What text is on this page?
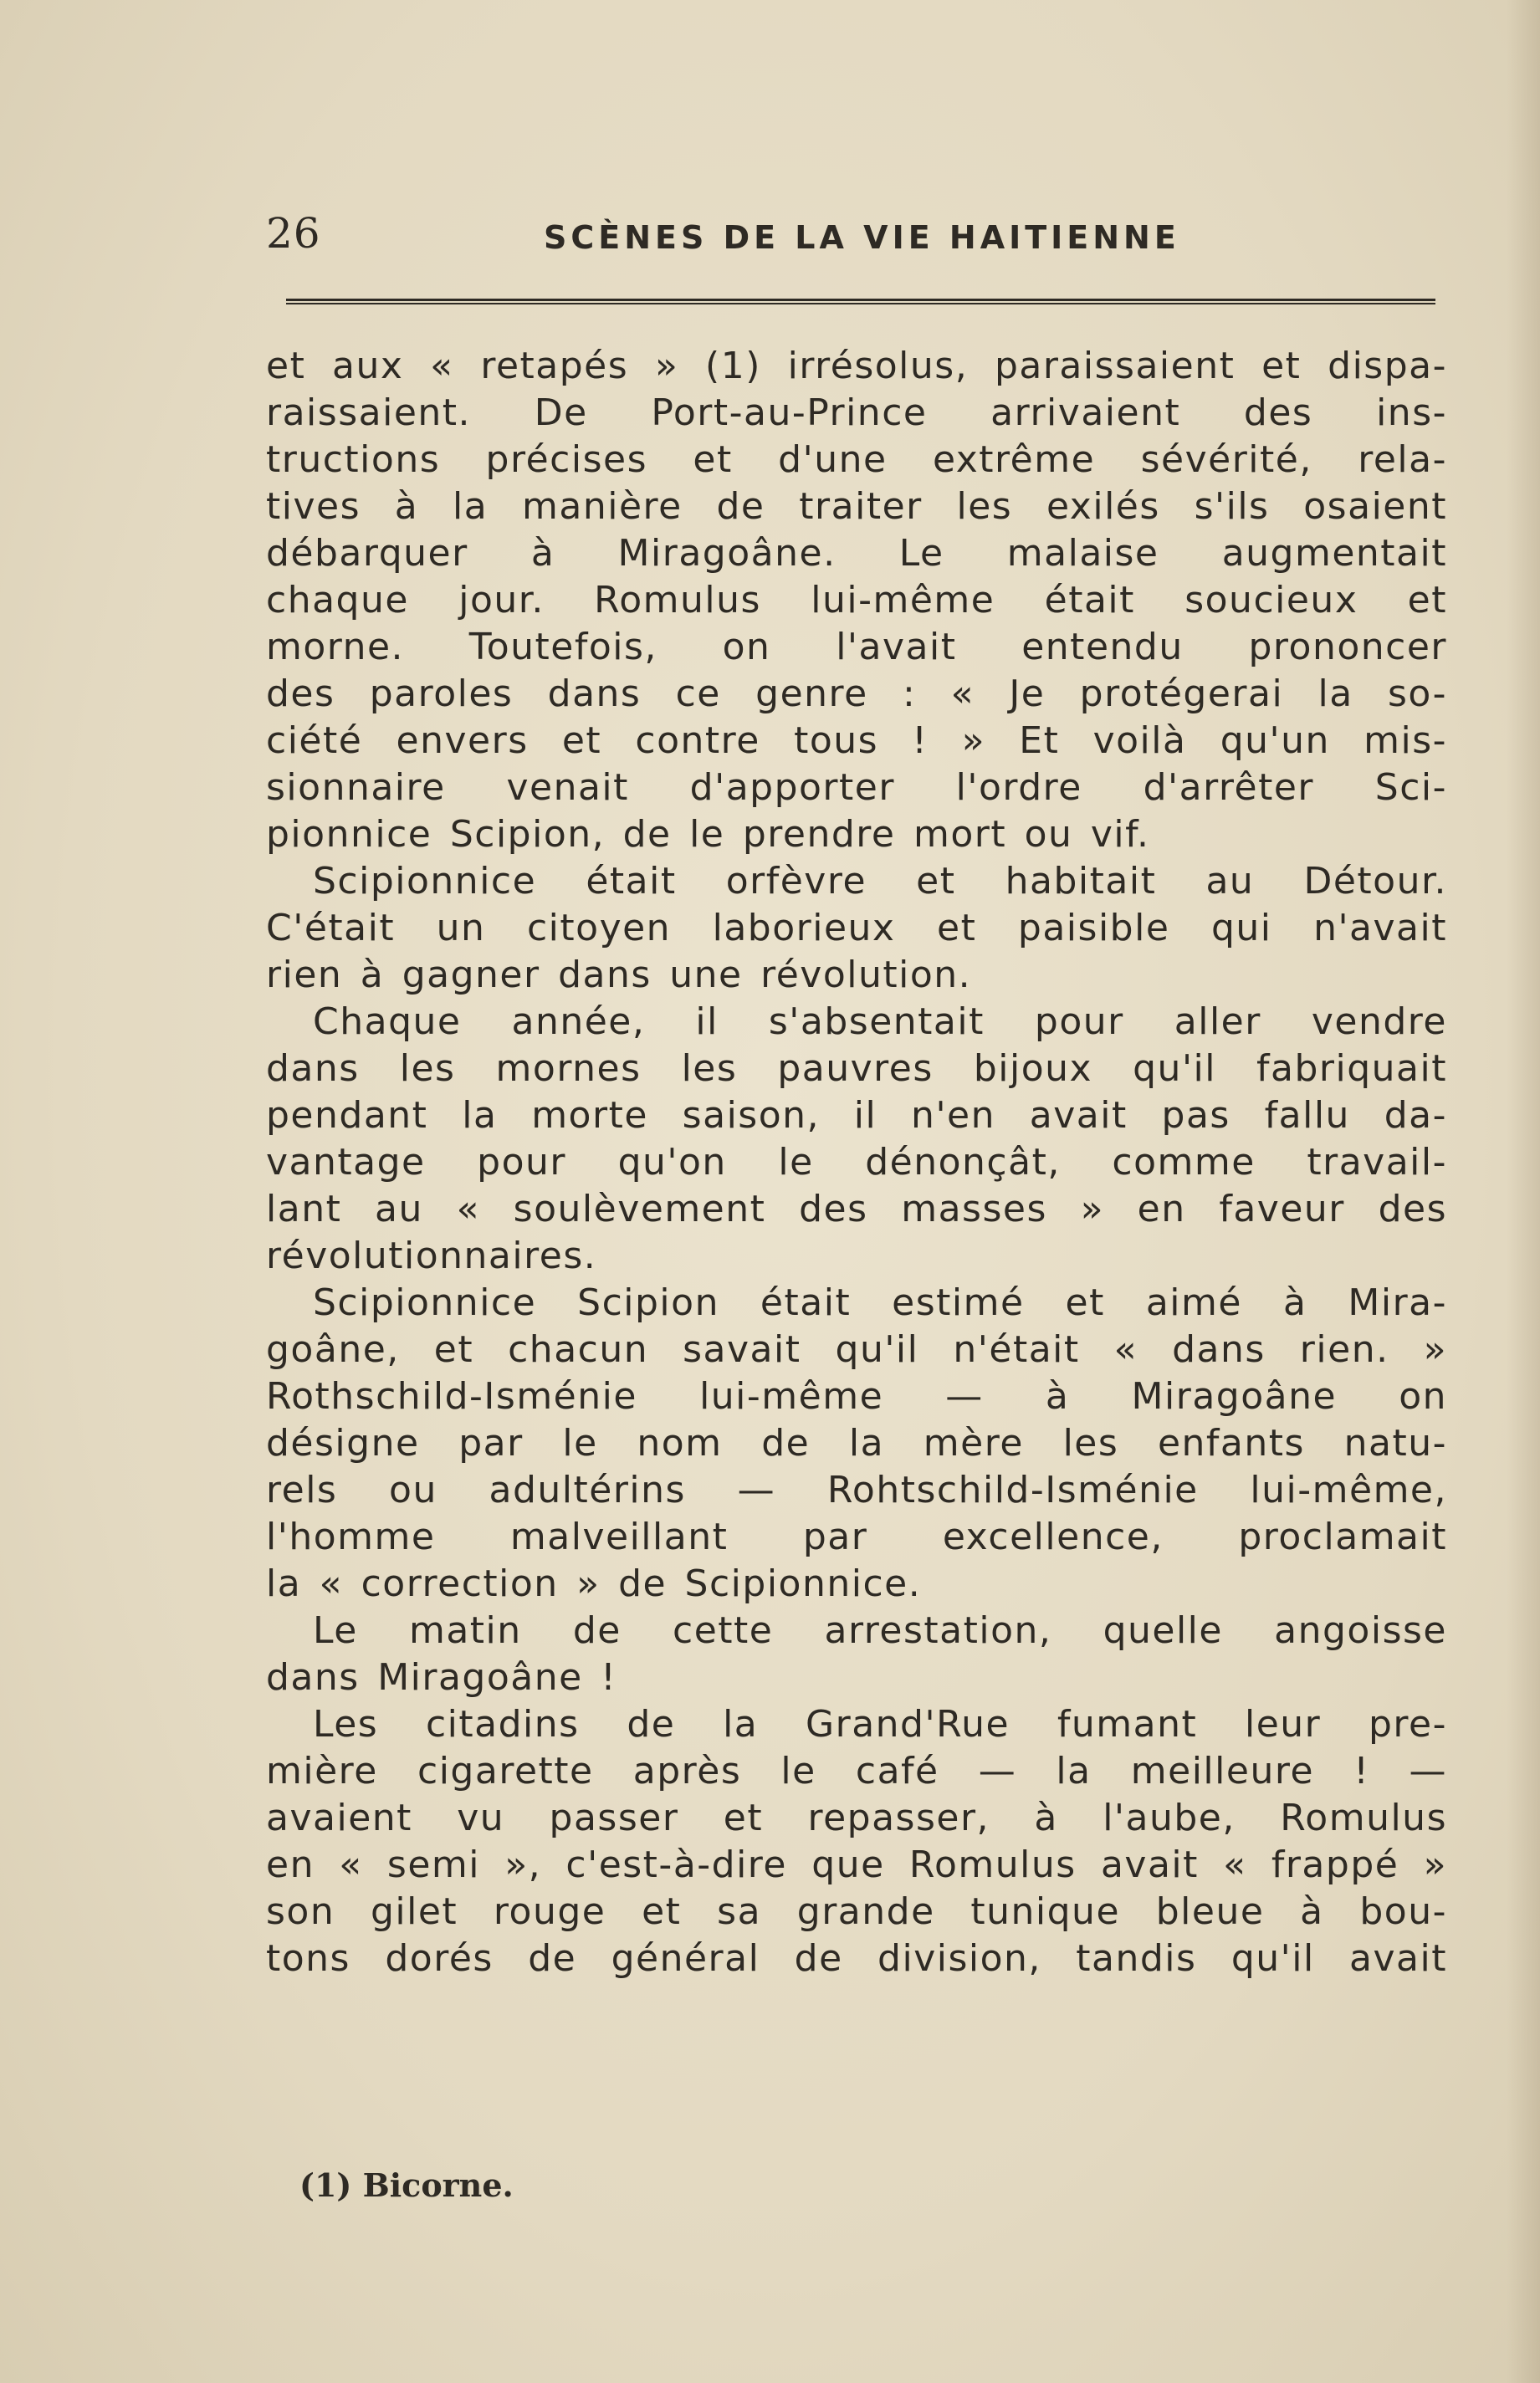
26	SCÈNES DE LA VIE HAITIENNE

et aux « retapés » (1) irrésolus, paraissaient et dispa-

raissaient. De Port-au-Prince arrivaient des ins-

tructions précises et d'une extrême sévérité, rela-

tives à la manière de traiter les exilés s'ils osaient

débarquer à Miragoâne. Le malaise augmentait

chaque jour. Romulus lui-même était soucieux et

morne. Toutefois, on l'avait entendu prononcer

des paroles dans ce genre : « Je protégerai la so-

ciété envers et contre tous ! » Et voilà qu'un mis-

sionnaire venait d'apporter l'ordre d'arrêter Sci-

pionnice Scipion, de le prendre mort ou vif.

Scipionnice était orfèvre et habitait au Détour.

C'était un citoyen laborieux et paisible qui n'avait

rien à gagner dans une révolution.

Chaque année, il s'absentait pour aller vendre

dans les mornes les pauvres bijoux qu'il fabriquait

pendant la morte saison, il n'en avait pas fallu da-

vantage pour qu'on le dénonçât, comme travail-

lant au « soulèvement des masses » en faveur des

révolutionnaires.

Scipionnice Scipion était estimé et aimé à Mira-

goâne, et chacun savait qu'il n'était « dans rien. »

Rothschild-Isménie lui-même — à Miragoâne on

désigne par le nom de la mère les enfants natu-

rels ou adultérins — Rohtschild-Isménie lui-même,

l'homme malveillant par excellence, proclamait

la « correction » de Scipionnice.

Le matin de cette arrestation, quelle angoisse

dans Miragoâne !

Les citadins de la Grand'Rue fumant leur pre-

mière cigarette après le café — la meilleure ! —

avaient vu passer et repasser, à l'aube, Romulus

en « semi », c'est-à-dire que Romulus avait « frappé »

son gilet rouge et sa grande tunique bleue à bou-

tons dorés de général de division, tandis qu'il avait

(1) Bicorne.
